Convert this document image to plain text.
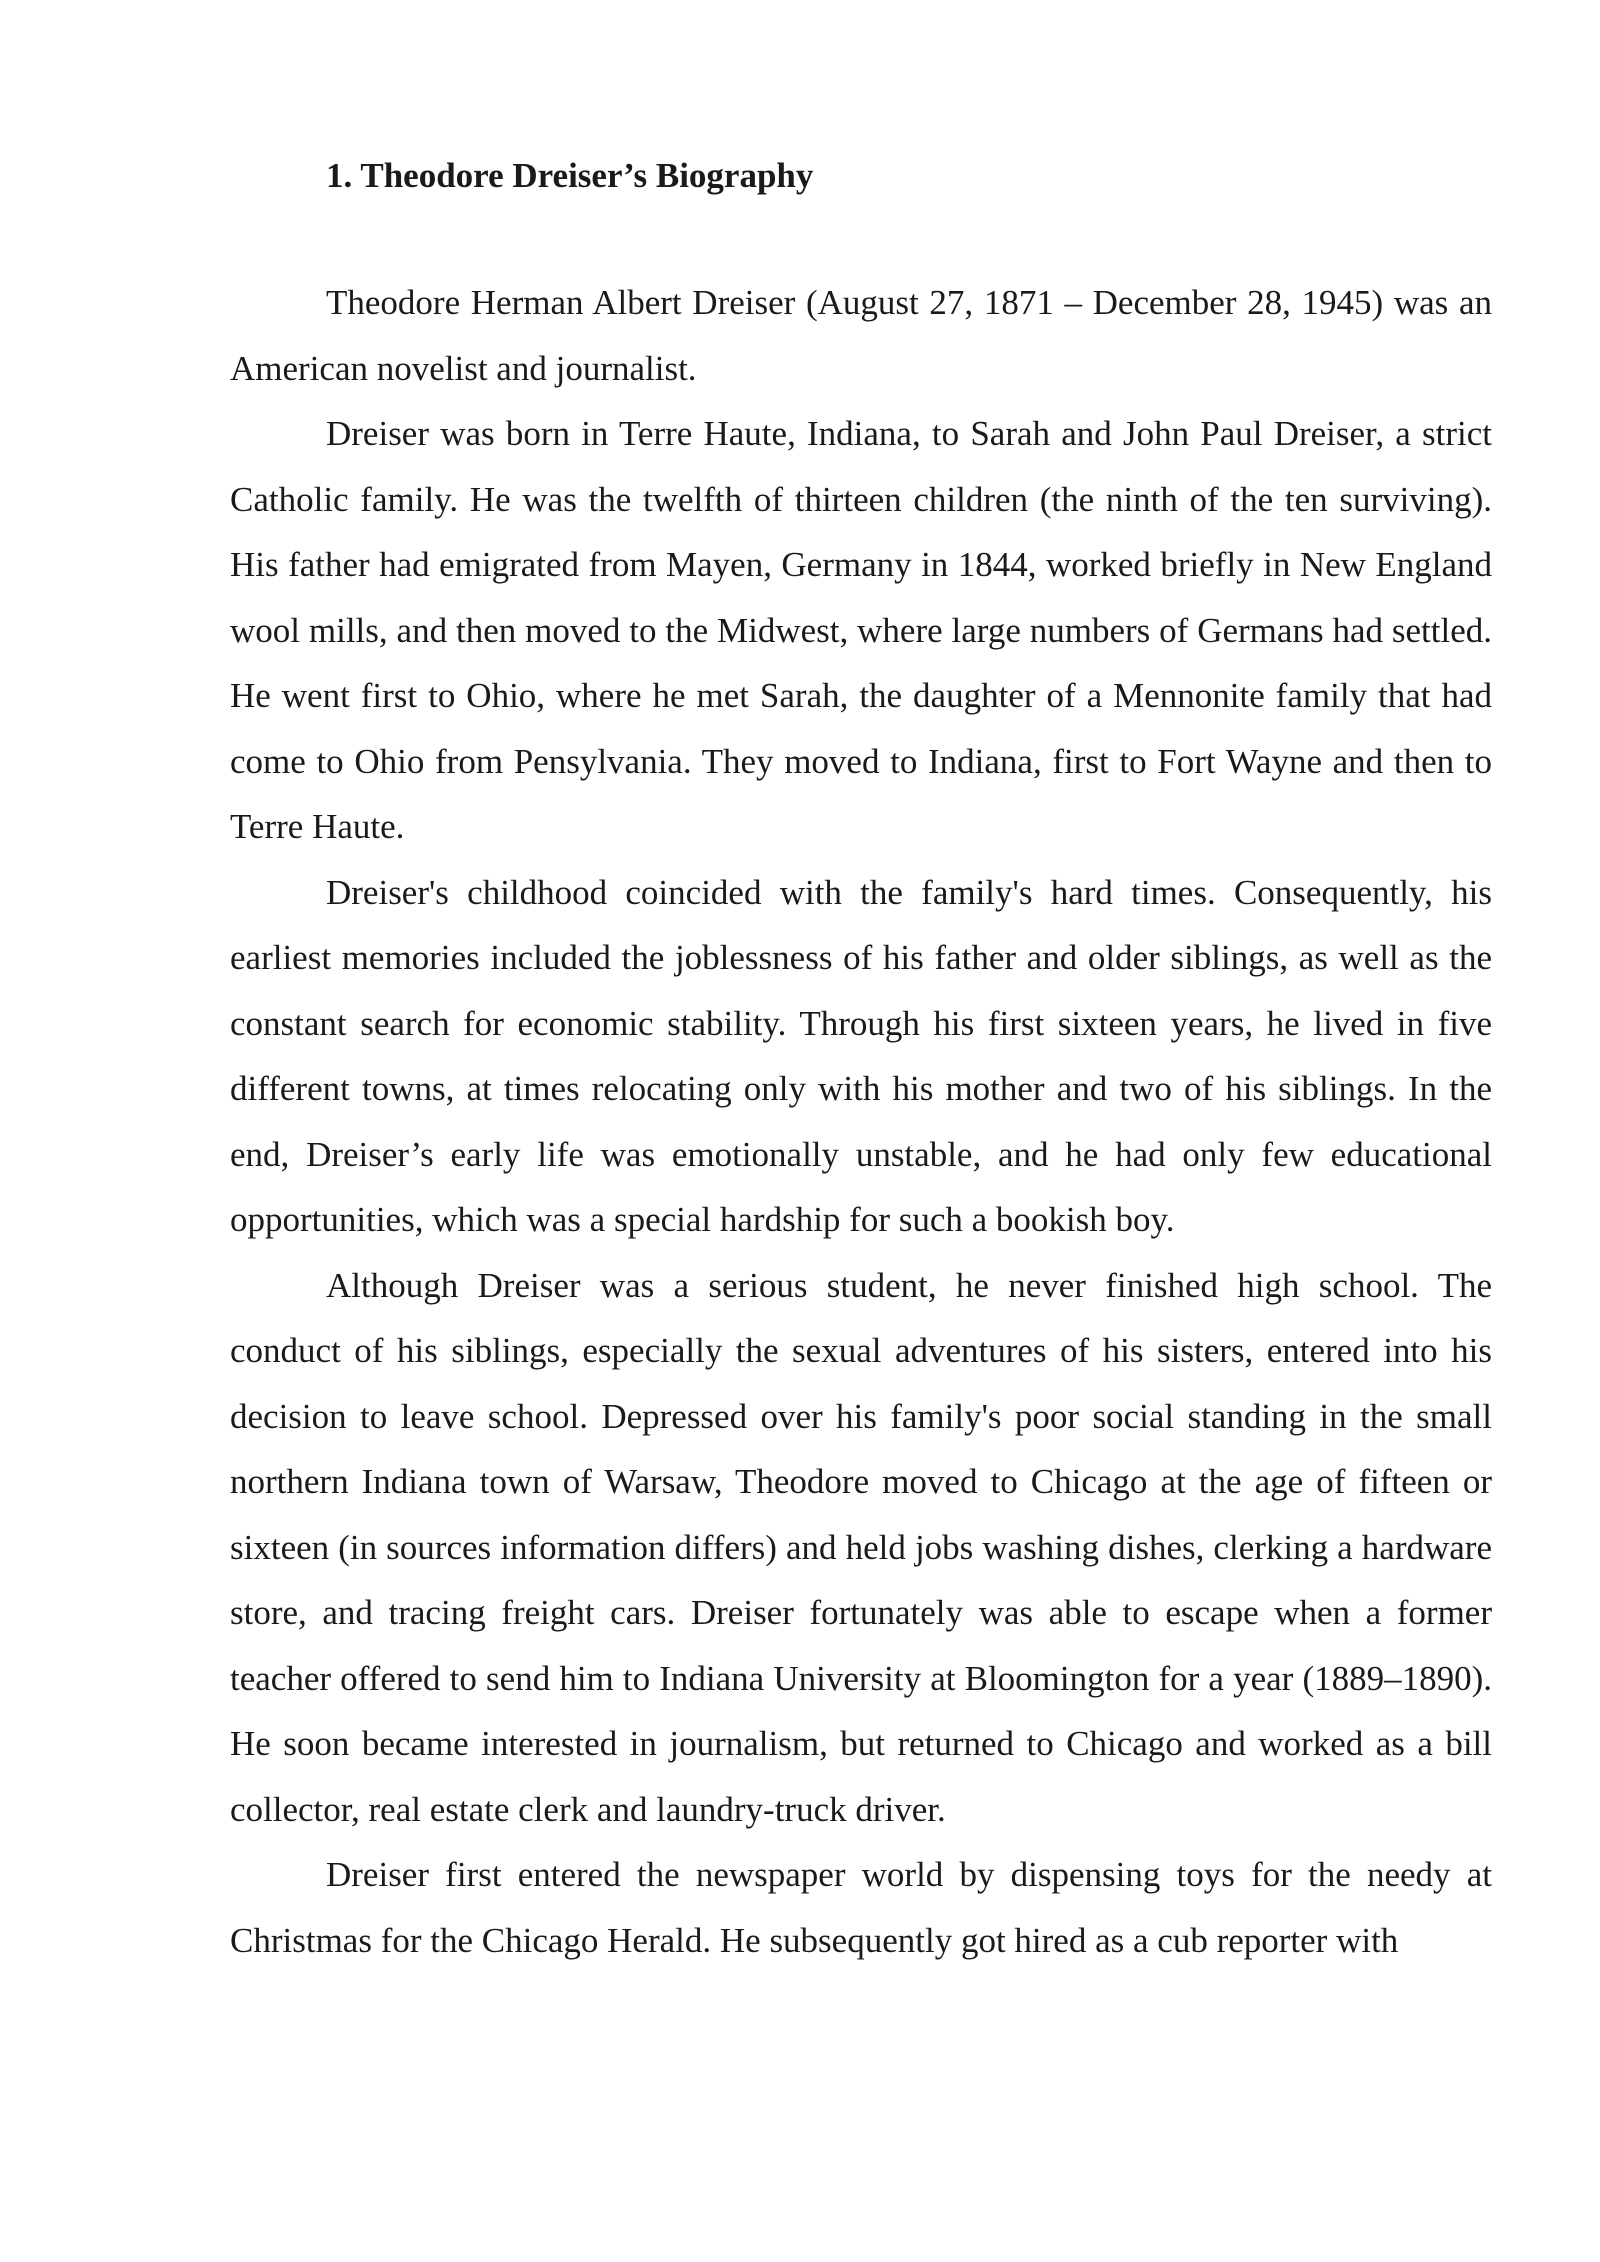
1. Theodore Dreiser’s Biography

Theodore Herman Albert Dreiser (August 27, 1871 – December 28, 1945) was an American novelist and journalist.

Dreiser was born in Terre Haute, Indiana, to Sarah and John Paul Dreiser, a strict Catholic family. He was the twelfth of thirteen children (the ninth of the ten surviving). His father had emigrated from Mayen, Germany in 1844, worked briefly in New England wool mills, and then moved to the Midwest, where large numbers of Germans had settled. He went first to Ohio, where he met Sarah, the daughter of a Mennonite family that had come to Ohio from Pensylvania. They moved to Indiana, first to Fort Wayne and then to Terre Haute.

Dreiser's childhood coincided with the family's hard times. Consequently, his earliest memories included the joblessness of his father and older siblings, as well as the constant search for economic stability. Through his first sixteen years, he lived in five different towns, at times relocating only with his mother and two of his siblings. In the end, Dreiser’s early life was emotionally unstable, and he had only few educational opportunities, which was a special hardship for such a bookish boy.

Although Dreiser was a serious student, he never finished high school. The conduct of his siblings, especially the sexual adventures of his sisters, entered into his decision to leave school. Depressed over his family's poor social standing in the small northern Indiana town of Warsaw, Theodore moved to Chicago at the age of fifteen or sixteen (in sources information differs) and held jobs washing dishes, clerking a hardware store, and tracing freight cars. Dreiser fortunately was able to escape when a former teacher offered to send him to Indiana University at Bloomington for a year (1889–1890). He soon became interested in journalism, but returned to Chicago and worked as a bill collector, real estate clerk and laundry-truck driver.

Dreiser first entered the newspaper world by dispensing toys for the needy at Christmas for the Chicago Herald. He subsequently got hired as a cub reporter with
